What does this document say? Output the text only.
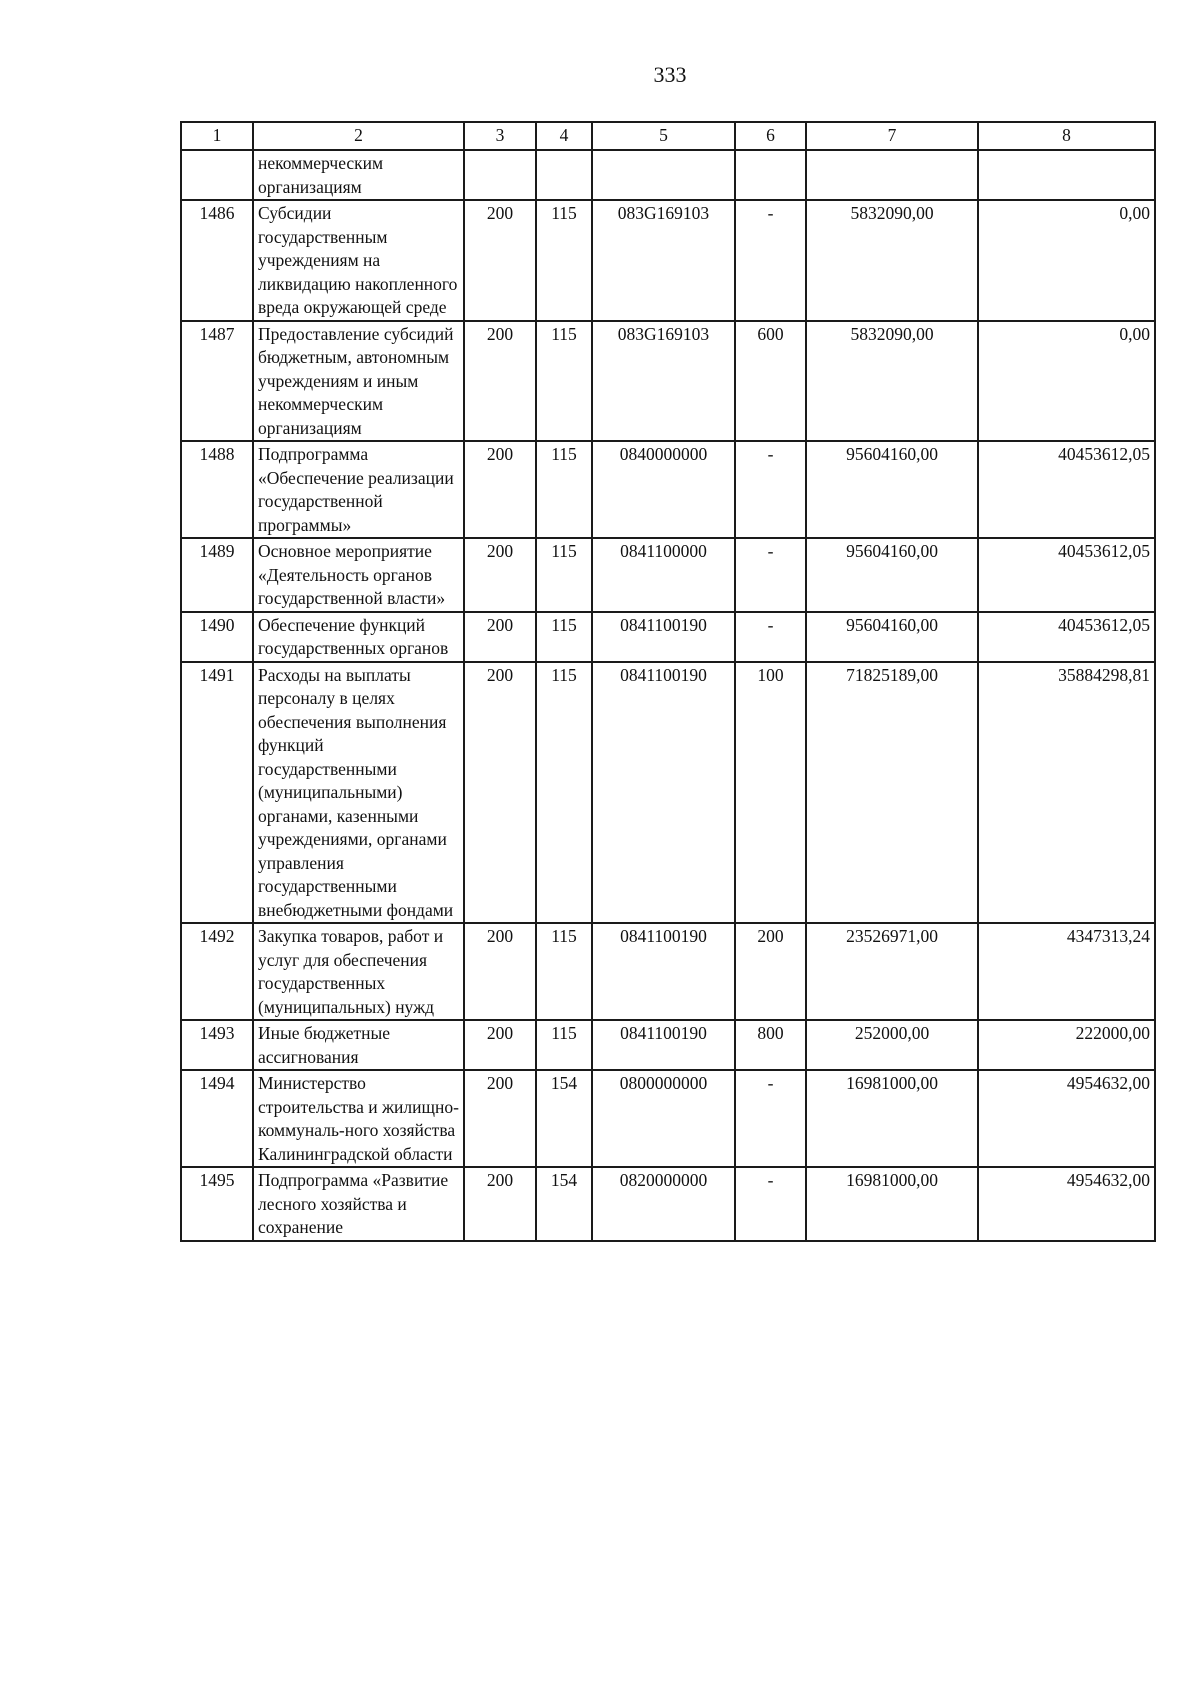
333
1	2	3	4	5	6	7	8
	некоммерческим организациям						
1486	Субсидии государственным учреждениям на ликвидацию накопленного вреда окружающей среде	200	115	083G169103	-	5832090,00	0,00
1487	Предоставление субсидий бюджетным, автономным учреждениям и иным некоммерческим организациям	200	115	083G169103	600	5832090,00	0,00
1488	Подпрограмма «Обеспечение реализации государственной программы»	200	115	0840000000	-	95604160,00	40453612,05
1489	Основное мероприятие «Деятельность органов государственной власти»	200	115	0841100000	-	95604160,00	40453612,05
1490	Обеспечение функций государственных органов	200	115	0841100190	-	95604160,00	40453612,05
1491	Расходы на выплаты персоналу в целях обеспечения выполнения функций государственными (муниципальными) органами, казенными учреждениями, органами управления государственными внебюджетными фондами	200	115	0841100190	100	71825189,00	35884298,81
1492	Закупка товаров, работ и услуг для обеспечения государственных (муниципальных) нужд	200	115	0841100190	200	23526971,00	4347313,24
1493	Иные бюджетные ассигнования	200	115	0841100190	800	252000,00	222000,00
1494	Министерство строительства и жилищно-коммуналь-ного хозяйства Калининградской области	200	154	0800000000	-	16981000,00	4954632,00
1495	Подпрограмма «Развитие лесного хозяйства и сохранение	200	154	0820000000	-	16981000,00	4954632,00
